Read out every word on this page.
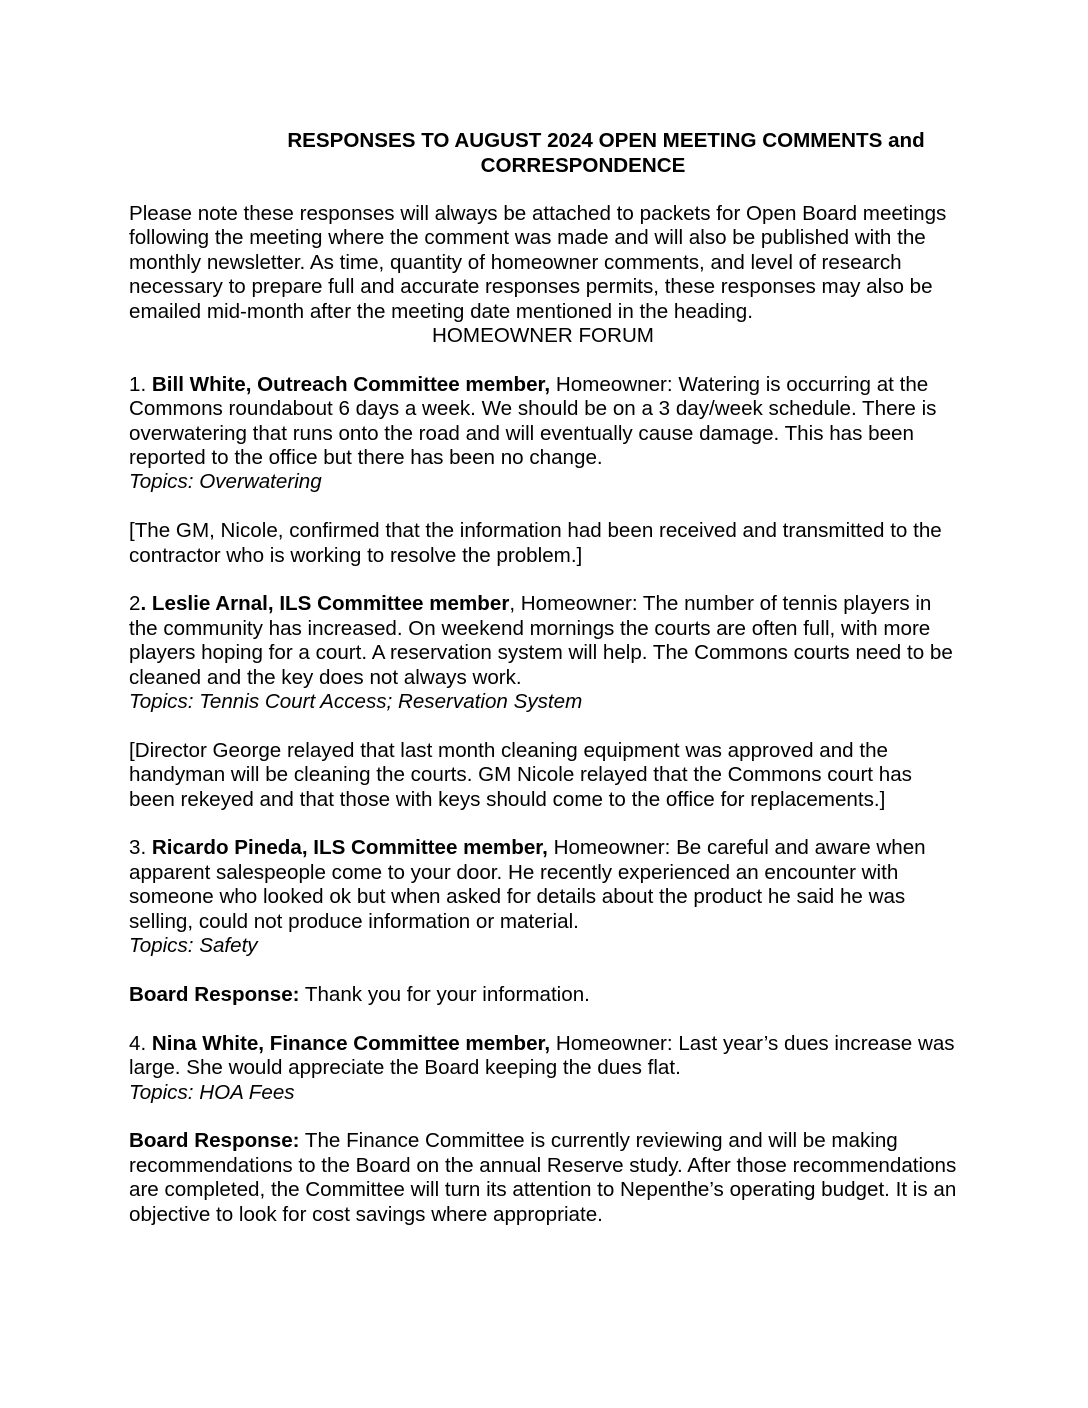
RESPONSES TO AUGUST 2024 OPEN MEETING COMMENTS and
CORRESPONDENCE

Please note these responses will always be attached to packets for Open Board meetings following the meeting where the comment was made and will also be published with the monthly newsletter. As time, quantity of homeowner comments, and level of research necessary to prepare full and accurate responses permits, these responses may also be emailed mid-month after the meeting date mentioned in the heading.

HOMEOWNER FORUM

1. Bill White, Outreach Committee member, Homeowner: Watering is occurring at the Commons roundabout 6 days a week. We should be on a 3 day/week schedule. There is overwatering that runs onto the road and will eventually cause damage. This has been reported to the office but there has been no change.

Topics: Overwatering

[The GM, Nicole, confirmed that the information had been received and transmitted to the contractor who is working to resolve the problem.]

2. Leslie Arnal, ILS Committee member, Homeowner: The number of tennis players in the community has increased. On weekend mornings the courts are often full, with more players hoping for a court. A reservation system will help. The Commons courts need to be cleaned and the key does not always work.

Topics: Tennis Court Access; Reservation System

[Director George relayed that last month cleaning equipment was approved and the handyman will be cleaning the courts. GM Nicole relayed that the Commons court has been rekeyed and that those with keys should come to the office for replacements.]

3. Ricardo Pineda, ILS Committee member, Homeowner: Be careful and aware when apparent salespeople come to your door. He recently experienced an encounter with someone who looked ok but when asked for details about the product he said he was selling, could not produce information or material.

Topics: Safety

Board Response: Thank you for your information.

4. Nina White, Finance Committee member, Homeowner: Last year’s dues increase was large. She would appreciate the Board keeping the dues flat.

Topics: HOA Fees

Board Response: The Finance Committee is currently reviewing and will be making recommendations to the Board on the annual Reserve study. After those recommendations are completed, the Committee will turn its attention to Nepenthe’s operating budget. It is an objective to look for cost savings where appropriate.
